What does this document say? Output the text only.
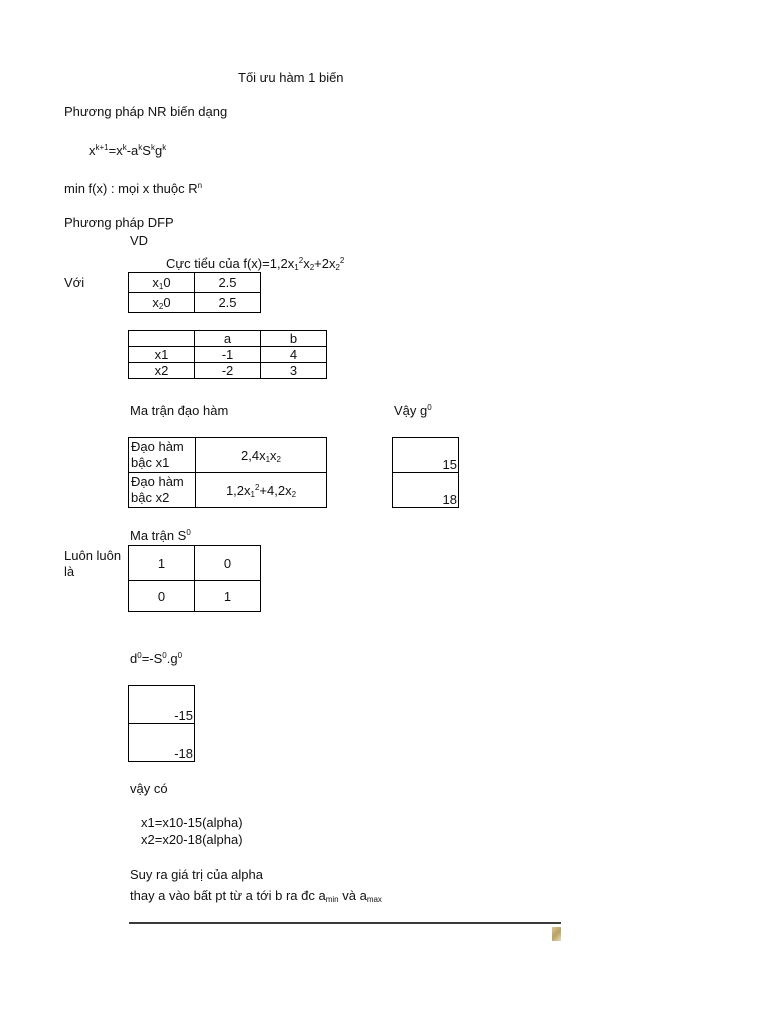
Tối ưu hàm 1 biến
Phương pháp NR biến dạng
$x^{k+1}=x^k-a^kS^kg^k$
min f(x) : mọi x thuộc $R^n$
Phương pháp DFP
VD
Cực tiểu của $f(x)=1,2x_1^2x_2+2x_2^2$
Với	$x_10$	2.5
$x_20$	2.5
	a	b
x1	-1	4
x2	-2	3
Ma trận đạo hàm	Vậy $g^0$
Đạo hàm bậc x1	$2,4x_1x_2$
Đạo hàm bậc x2	$1,2x_1^2+4,2x_2$
15
18
Ma trận $S^0$
Luôn luôn là
1	0
0	1
$d^0=-S^0.g^0$
-15
-18
vậy có
x1=x10-15(alpha)
x2=x20-18(alpha)
Suy ra giá trị của alpha
thay a vào bất pt từ a tới b ra đc $a_{min}$ và $a_{max}$
